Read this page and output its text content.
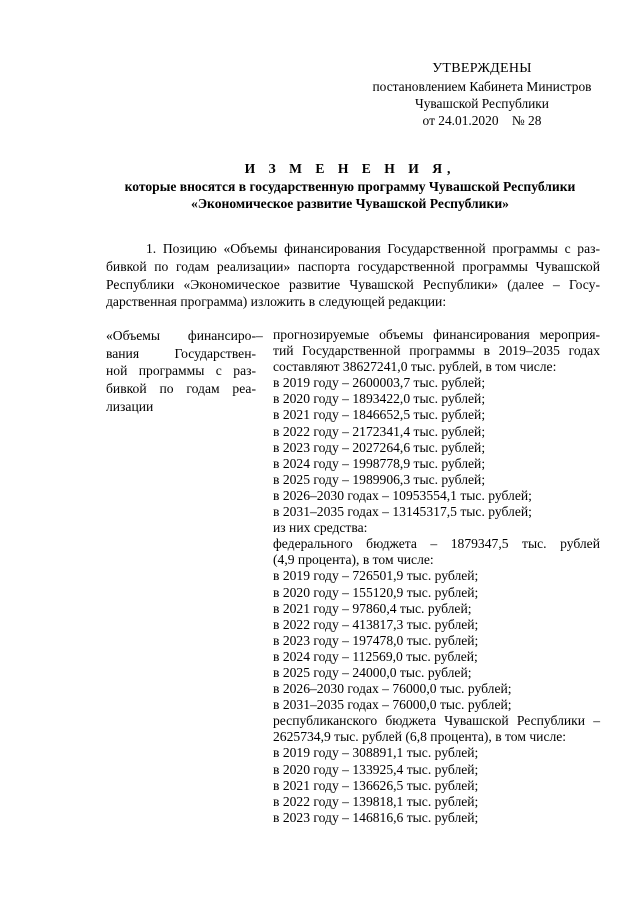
УТВЕРЖДЕНЫ
постановлением Кабинета Министров
Чувашской Республики
от 24.01.2020    № 28
И З М Е Н Е Н И Я,
которые вносятся в государственную программу Чувашской Республики
«Экономическое развитие Чувашской Республики»
1. Позицию «Объемы финансирования Государственной программы с раз-
бивкой по годам реализации» паспорта государственной программы Чувашской
Республики «Экономическое развитие Чувашской Республики» (далее – Госу-
дарственная программа) изложить в следующей редакции:
«Объемы финансиро-
вания Государствен-
ной программы с раз-
бивкой по годам реа-
лизации
– прогнозируемые объемы финансирования мероприя-
тий Государственной программы в 2019–2035 годах
составляют 38627241,0 тыс. рублей, в том числе:
в 2019 году – 2600003,7 тыс. рублей;
в 2020 году – 1893422,0 тыс. рублей;
в 2021 году – 1846652,5 тыс. рублей;
в 2022 году – 2172341,4 тыс. рублей;
в 2023 году – 2027264,6 тыс. рублей;
в 2024 году – 1998778,9 тыс. рублей;
в 2025 году – 1989906,3 тыс. рублей;
в 2026–2030 годах – 10953554,1 тыс. рублей;
в 2031–2035 годах – 13145317,5 тыс. рублей;
из них средства:
федерального бюджета – 1879347,5 тыс. рублей
(4,9 процента), в том числе:
в 2019 году – 726501,9 тыс. рублей;
в 2020 году – 155120,9 тыс. рублей;
в 2021 году – 97860,4 тыс. рублей;
в 2022 году – 413817,3 тыс. рублей;
в 2023 году – 197478,0 тыс. рублей;
в 2024 году – 112569,0 тыс. рублей;
в 2025 году – 24000,0 тыс. рублей;
в 2026–2030 годах – 76000,0 тыс. рублей;
в 2031–2035 годах – 76000,0 тыс. рублей;
республиканского бюджета Чувашской Республики –
2625734,9 тыс. рублей (6,8 процента), в том числе:
в 2019 году – 308891,1 тыс. рублей;
в 2020 году – 133925,4 тыс. рублей;
в 2021 году – 136626,5 тыс. рублей;
в 2022 году – 139818,1 тыс. рублей;
в 2023 году – 146816,6 тыс. рублей;
